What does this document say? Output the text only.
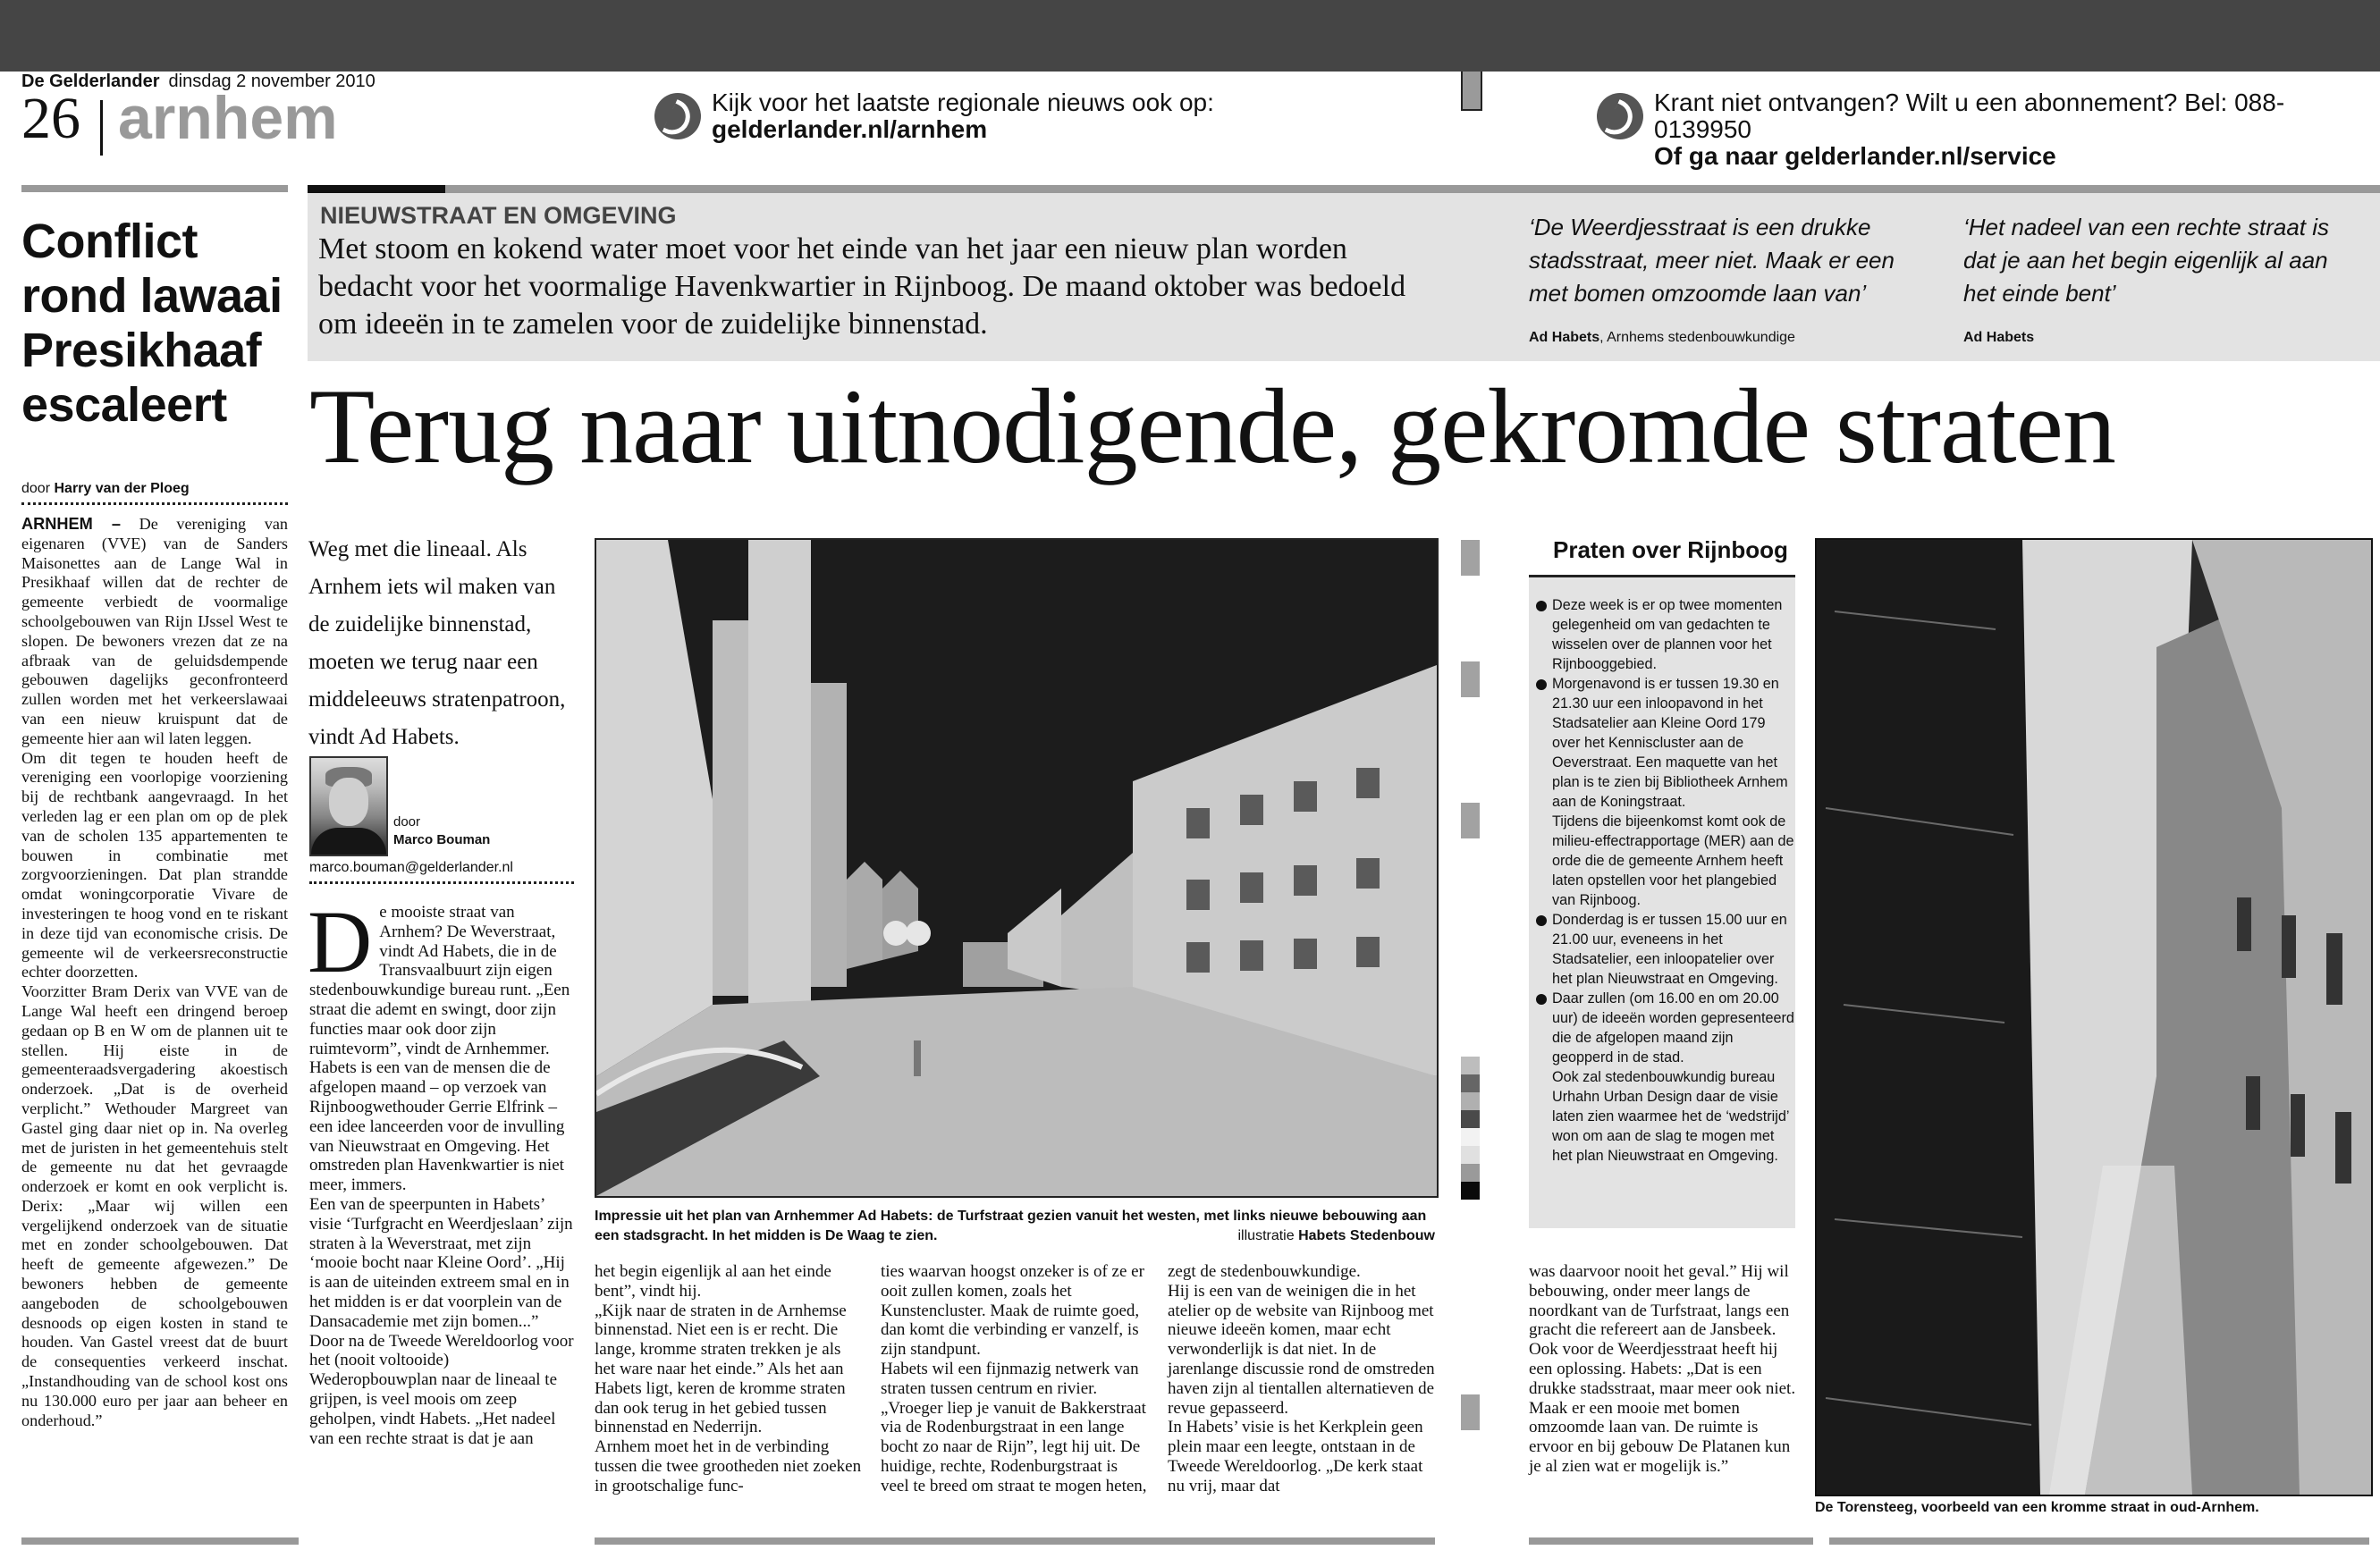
De Gelderlander dinsdag 2 november 2010
26 arnhem	Kijk voor het laatste regionale nieuws ook op:
gelderlander.nl/arnhem
Krant niet ontvangen? Wilt u een abonnement? Bel: 088-0139950
Of ga naar gelderlander.nl/service
Conflict rond lawaai Presikhaaf escaleert
door Harry van der Ploeg

ARNHEM – De vereniging van eigenaren (VVE) van de Sanders Maisonettes aan de Lange Wal in Presikhaaf willen dat de rechter de gemeente verbiedt de voormalige schoolgebouwen van Rijn IJssel West te slopen. De bewoners vrezen dat ze na afbraak van de geluidsdempende gebouwen dagelijks geconfronteerd zullen worden met het verkeerslawaai van een nieuw kruispunt dat de gemeente hier aan wil laten leggen.

Om dit tegen te houden heeft de vereniging een voorlopige voorziening bij de rechtbank aangevraagd. In het verleden lag er een plan om op de plek van de scholen 135 appartementen te bouwen in combinatie met zorgvoorzieningen. Dat plan strandde omdat woningcorporatie Vivare de investeringen te hoog vond en te riskant in deze tijd van economische crisis. De gemeente wil de verkeersreconstructie echter doorzetten.

Voorzitter Bram Derix van VVE van de Lange Wal heeft een dringend beroep gedaan op B en W om de plannen uit te stellen. Hij eiste in de gemeenteraadsvergadering akoestisch onderzoek. „Dat is de overheid verplicht.” Wethouder Margreet van Gastel ging daar niet op in. Na overleg met de juristen in het gemeentehuis stelt de gemeente nu dat het gevraagde onderzoek er komt en ook verplicht is. Derix: „Maar wij willen een vergelijkend onderzoek van de situatie met en zonder schoolgebouwen. Dat heeft de gemeente afgewezen.” De bewoners hebben de gemeente aangeboden de schoolgebouwen desnoods op eigen kosten in stand te houden. Van Gastel vreest dat de buurt de consequenties verkeerd inschat. „Instandhouding van de school kost ons nu 130.000 euro per jaar aan beheer en onderhoud.”

NIEUWSTRAAT EN OMGEVING
Met stoom en kokend water moet voor het einde van het jaar een nieuw plan worden bedacht voor het voormalige Havenkwartier in Rijnboog. De maand oktober was bedoeld om ideeën in te zamelen voor de zuidelijke binnenstad.
‘De Weerdjesstraat is een drukke stadsstraat, meer niet. Maak er een met bomen omzoomde laan van’
Ad Habets, Arnhems stedenbouwkundige
‘Het nadeel van een rechte straat is dat je aan het begin eigenlijk al aan het einde bent’
Ad Habets
Terug naar uitnodigende, gekromde straten
Weg met die lineaal. Als Arnhem iets wil maken van de zuidelijke binnenstad, moeten we terug naar een middeleeuws stratenpatroon, vindt Ad Habets.
door
Marco Bouman
marco.bouman@gelderlander.nl

De mooiste straat van Arnhem? De Weverstraat, vindt Ad Habets, die in de Transvaalbuurt zijn eigen stedenbouwkundige bureau runt. „Een straat die ademt en swingt, door zijn functies maar ook door zijn ruimtevorm”, vindt de Arnhemmer.

Habets is een van de mensen die de afgelopen maand – op verzoek van Rijnboogwethouder Gerrie Elfrink – een idee lanceerden voor de invulling van Nieuwstraat en Omgeving. Het omstreden plan Havenkwartier is niet meer, immers.

Een van de speerpunten in Habets’ visie ‘Turfgracht en Weerdjeslaan’ zijn straten à la Weverstraat, met zijn ‘mooie bocht naar Kleine Oord’. „Hij is aan de uiteinden extreem smal en in het midden is er dat voorplein van de Dansacademie met zijn bomen...”

Door na de Tweede Wereldoorlog voor het (nooit voltooide) Wederopbouwplan naar de lineaal te grijpen, is veel moois om zeep geholpen, vindt Habets. „Het nadeel van een rechte straat is dat je aan

Impressie uit het plan van Arnhemmer Ad Habets: de Turfstraat gezien vanuit het westen, met links nieuwe bebouwing aan een stadsgracht. In het midden is De Waag te zien.	illustratie Habets Stedenbouw

het begin eigenlijk al aan het einde bent”, vindt hij.

„Kijk naar de straten in de Arnhemse binnenstad. Niet een is er recht. Die lange, kromme straten trekken je als het ware naar het einde.” Als het aan Habets ligt, keren de kromme straten dan ook terug in het gebied tussen binnenstad en Nederrijn.

Arnhem moet het in de verbinding tussen die twee grootheden niet zoeken in grootschalige func-

ties waarvan hoogst onzeker is of ze er ooit zullen komen, zoals het Kunstencluster. Maak de ruimte goed, dan komt die verbinding er vanzelf, is zijn standpunt.

Habets wil een fijnmazig netwerk van straten tussen centrum en rivier. „Vroeger liep je vanuit de Bakkerstraat via de Rodenburgstraat in een lange bocht zo naar de Rijn”, legt hij uit. De huidige, rechte, Rodenburgstraat is veel te breed om straat te mogen heten,

zegt de stedenbouwkundige.

Hij is een van de weinigen die in het atelier op de website van Rijnboog met nieuwe ideeën komen, maar echt verwonderlijk is dat niet. In de jarenlange discussie rond de omstreden haven zijn al tientallen alternatieven de revue gepasseerd.

In Habets’ visie is het Kerkplein geen plein maar een leegte, ontstaan in de Tweede Wereldoorlog. „De kerk staat nu vrij, maar dat

was daarvoor nooit het geval.” Hij wil bebouwing, onder meer langs de noordkant van de Turfstraat, langs een gracht die refereert aan de Jansbeek.

Ook voor de Weerdjesstraat heeft hij een oplossing. Habets: „Dat is een drukke stadsstraat, maar meer ook niet. Maak er een mooie met bomen omzoomde laan van. De ruimte is ervoor en bij gebouw De Platanen kun je al zien wat er mogelijk is.”

Praten over Rijnboog
Deze week is er op twee momenten gelegenheid om van gedachten te wisselen over de plannen voor het Rijnbooggebied.
Morgenavond is er tussen 19.30 en 21.30 uur een inloopavond in het Stadsatelier aan Kleine Oord 179 over het Kenniscluster aan de Oeverstraat. Een maquette van het plan is te zien bij Bibliotheek Arnhem aan de Koningstraat.
Tijdens die bijeenkomst komt ook de milieu-effectrapportage (MER) aan de orde die de gemeente Arnhem heeft laten opstellen voor het plangebied van Rijnboog.
Donderdag is er tussen 15.00 uur en 21.00 uur, eveneens in het Stadsatelier, een inloopatelier over het plan Nieuwstraat en Omgeving.
Daar zullen (om 16.00 en om 20.00 uur) de ideeën worden gepresenteerd die de afgelopen maand zijn geopperd in de stad.
Ook zal stedenbouwkundig bureau Urhahn Urban Design daar de visie laten zien waarmee het de ‘wedstrijd’ won om aan de slag te mogen met het plan Nieuwstraat en Omgeving.
De Torensteeg, voorbeeld van een kromme straat in oud-Arnhem.
